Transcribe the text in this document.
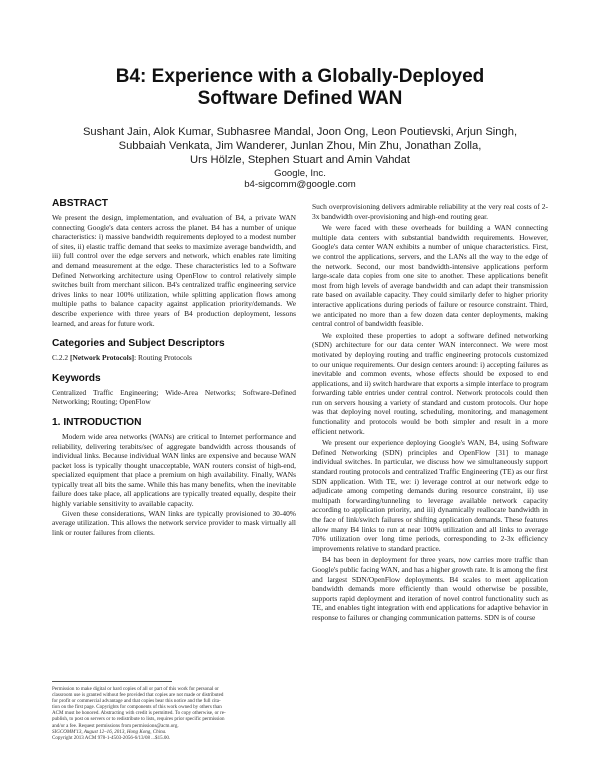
B4: Experience with a Globally-Deployed
Software Defined WAN

Sushant Jain, Alok Kumar, Subhasree Mandal, Joon Ong, Leon Poutievski, Arjun Singh,

Subbaiah Venkata, Jim Wanderer, Junlan Zhou, Min Zhu, Jonathan Zolla,

Urs Hölzle, Stephen Stuart and Amin Vahdat

Google, Inc.

b4-sigcomm@google.com

ABSTRACT

We present the design, implementation, and evaluation of B4, a private WAN connecting Google's data centers across the planet. B4 has a number of unique characteristics: i) massive bandwidth requirements deployed to a modest number of sites, ii) elastic traffic demand that seeks to maximize average bandwidth, and iii) full control over the edge servers and network, which enables rate limiting and demand measurement at the edge. These characteristics led to a Software Defined Networking architecture using OpenFlow to control relatively simple switches built from merchant silicon. B4's centralized traffic engineering service drives links to near 100% utilization, while splitting application flows among multiple paths to balance capacity against application priority/demands. We describe experience with three years of B4 production deployment, lessons learned, and areas for future work.

Categories and Subject Descriptors

C.2.2 [Network Protocols]: Routing Protocols

Keywords

Centralized Traffic Engineering; Wide-Area Networks; Software-Defined Networking; Routing; OpenFlow

1. INTRODUCTION

Modern wide area networks (WANs) are critical to Internet performance and reliability, delivering terabits/sec of aggregate bandwidth across thousands of individual links. Because individual WAN links are expensive and because WAN packet loss is typically thought unacceptable, WAN routers consist of high-end, specialized equipment that place a premium on high availability. Finally, WANs typically treat all bits the same. While this has many benefits, when the inevitable failure does take place, all applications are typically treated equally, despite their highly variable sensitivity to available capacity.

Given these considerations, WAN links are typically provisioned to 30-40% average utilization. This allows the network service provider to mask virtually all link or router failures from clients.

Such overprovisioning delivers admirable reliability at the very real costs of 2-3x bandwidth over-provisioning and high-end routing gear.

We were faced with these overheads for building a WAN connecting multiple data centers with substantial bandwidth requirements. However, Google's data center WAN exhibits a number of unique characteristics. First, we control the applications, servers, and the LANs all the way to the edge of the network. Second, our most bandwidth-intensive applications perform large-scale data copies from one site to another. These applications benefit most from high levels of average bandwidth and can adapt their transmission rate based on available capacity. They could similarly defer to higher priority interactive applications during periods of failure or resource constraint. Third, we anticipated no more than a few dozen data center deployments, making central control of bandwidth feasible.

We exploited these properties to adopt a software defined networking (SDN) architecture for our data center WAN interconnect. We were most motivated by deploying routing and traffic engineering protocols customized to our unique requirements. Our design centers around: i) accepting failures as inevitable and common events, whose effects should be exposed to end applications, and ii) switch hardware that exports a simple interface to program forwarding table entries under central control. Network protocols could then run on servers housing a variety of standard and custom protocols. Our hope was that deploying novel routing, scheduling, monitoring, and management functionality and protocols would be both simpler and result in a more efficient network.

We present our experience deploying Google's WAN, B4, using Software Defined Networking (SDN) principles and OpenFlow [31] to manage individual switches. In particular, we discuss how we simultaneously support standard routing protocols and centralized Traffic Engineering (TE) as our first SDN application. With TE, we: i) leverage control at our network edge to adjudicate among competing demands during resource constraint, ii) use multipath forwarding/tunneling to leverage available network capacity according to application priority, and iii) dynamically reallocate bandwidth in the face of link/switch failures or shifting application demands. These features allow many B4 links to run at near 100% utilization and all links to average 70% utilization over long time periods, corresponding to 2-3x efficiency improvements relative to standard practice.

B4 has been in deployment for three years, now carries more traffic than Google's public facing WAN, and has a higher growth rate. It is among the first and largest SDN/OpenFlow deployments. B4 scales to meet application bandwidth demands more efficiently than would otherwise be possible, supports rapid deployment and iteration of novel control functionality such as TE, and enables tight integration with end applications for adaptive behavior in response to failures or changing communication patterns. SDN is of course

Permission to make digital or hard copies of all or part of this work for personal or
classroom use is granted without fee provided that copies are not made or distributed
for profit or commercial advantage and that copies bear this notice and the full cita-
tion on the first page. Copyrights for components of this work owned by others than
ACM must be honored. Abstracting with credit is permitted. To copy otherwise, or re-
publish, to post on servers or to redistribute to lists, requires prior specific permission
and/or a fee. Request permissions from permissions@acm.org.
SIGCOMM'13, August 12–16, 2013, Hong Kong, China.
Copyright 2013 ACM 978-1-4503-2056-6/13/08 ...$15.00.
